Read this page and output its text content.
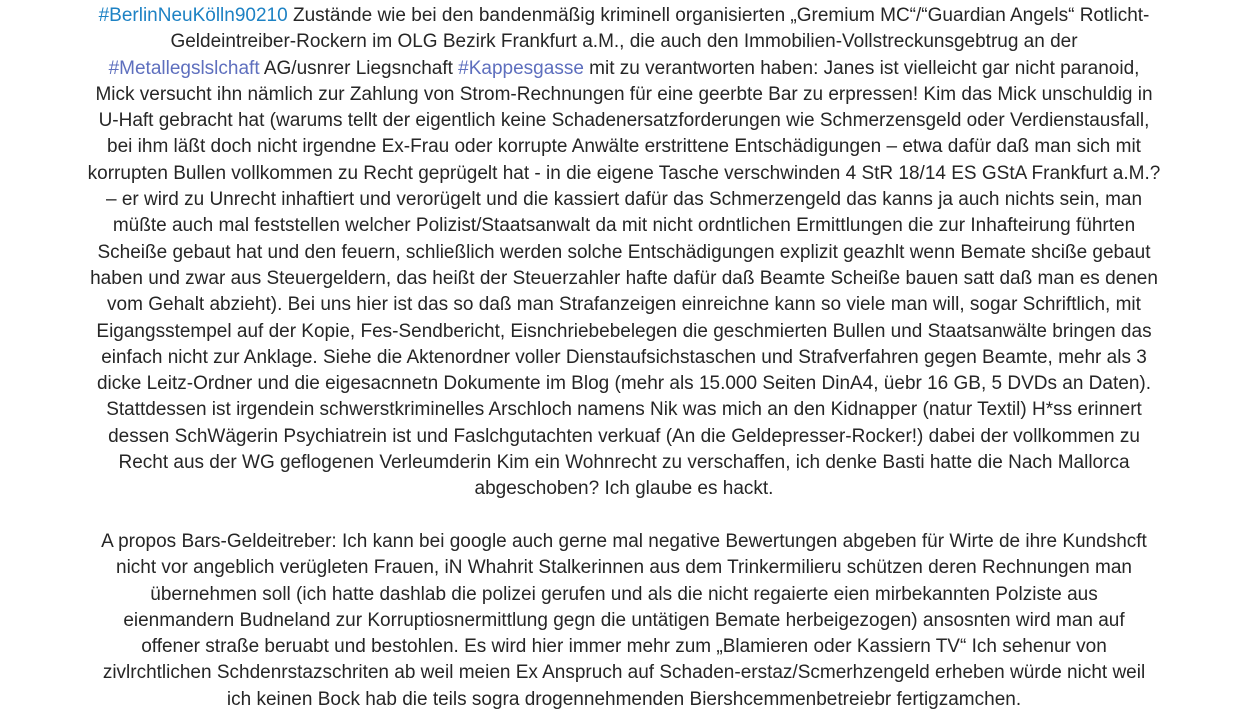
#BerlinNeuKölln90210 Zustände wie bei den bandenmäßig kriminell organisierten „Gremium MC“/“Guardian Angels“ Rotlicht-
Geldeintreiber-Rockern im OLG Bezirk Frankfurt a.M., die auch den Immobilien-Vollstreckunsgebtrug an der
#Metallegslslchaft AG/usnrer Liegsnchaft #Kappesgasse mit zu verantworten haben: Janes ist vielleicht gar nicht paranoid,
Mick versucht ihn nämlich zur Zahlung von Strom-Rechnungen für eine geerbte Bar zu erpressen! Kim das Mick unschuldig in
U-Haft gebracht hat (warums tellt der eigentlich keine Schadenersatzforderungen wie Schmerzensgeld oder Verdienstausfall,
bei ihm läßt doch nicht irgendne Ex-Frau oder korrupte Anwälte erstrittene Entschädigungen – etwa dafür daß man sich mit
korrupten Bullen vollkommen zu Recht geprügelt hat - in die eigene Tasche verschwinden 4 StR 18/14 ES GStA Frankfurt a.M.?
– er wird zu Unrecht inhaftiert und verorügelt und die kassiert dafür das Schmerzengeld das kanns ja auch nichts sein, man
müßte auch mal feststellen welcher Polizist/Staatsanwalt da mit nicht ordntlichen Ermittlungen die zur Inhafteirung führten
Scheiße gebaut hat und den feuern, schließlich werden solche Entschädigungen explizit geazhlt wenn Bemate shciße gebaut
haben und zwar aus Steuergeldern, das heißt der Steuerzahler hafte dafür daß Beamte Scheiße bauen satt daß man es denen
vom Gehalt abzieht). Bei uns hier ist das so daß man Strafanzeigen einreichne kann so viele man will, sogar Schriftlich, mit
Eigangsstempel auf der Kopie, Fes-Sendbericht, Eisnchriebebelegen die geschmierten Bullen und Staatsanwälte bringen das
einfach nicht zur Anklage. Siehe die Aktenordner voller Dienstaufsichstaschen und Strafverfahren gegen Beamte, mehr als 3
dicke Leitz-Ordner und die eigesacnnetn Dokumente im Blog (mehr als 15.000 Seiten DinA4, üebr 16 GB, 5 DVDs an Daten).
Stattdessen ist irgendein schwerstkriminelles Arschloch namens Nik was mich an den Kidnapper (natur Textil) H*ss erinnert
dessen SchWägerin Psychiatrein ist und Faslchgutachten verkuaf (An die Geldepresser-Rocker!) dabei der vollkommen zu
Recht aus der WG geflogenen Verleumderin Kim ein Wohnrecht zu verschaffen, ich denke Basti hatte die Nach Mallorca
abgeschoben? Ich glaube es hackt.
A propos Bars-Geldeitreber: Ich kann bei google auch gerne mal negative Bewertungen abgeben für Wirte de ihre Kundshcft
nicht vor angeblich verügleten Frauen, iN Whahrit Stalkerinnen aus dem Trinkermilieru schützen deren Rechnungen man
übernehmen soll (ich hatte dashlab die polizei gerufen und als die nicht regaierte eien mirbekannten Polziste aus
eienmandern Budneland zur Korruptiosnermittlung gegn die untätigen Bemate herbeigezogen) ansosnten wird man auf
offener straße beruabt und bestohlen. Es wird hier immer mehr zum „Blamieren oder Kassiern TV“ Ich sehenur von
zivlrchtlichen Schdenrstazschriten ab weil meien Ex Anspruch auf Schaden-erstaz/Scmerhzengeld erheben würde nicht weil
ich keinen Bock hab die teils sogra drogennehmenden Biershcemmenbetreiebr fertigzamchen.
